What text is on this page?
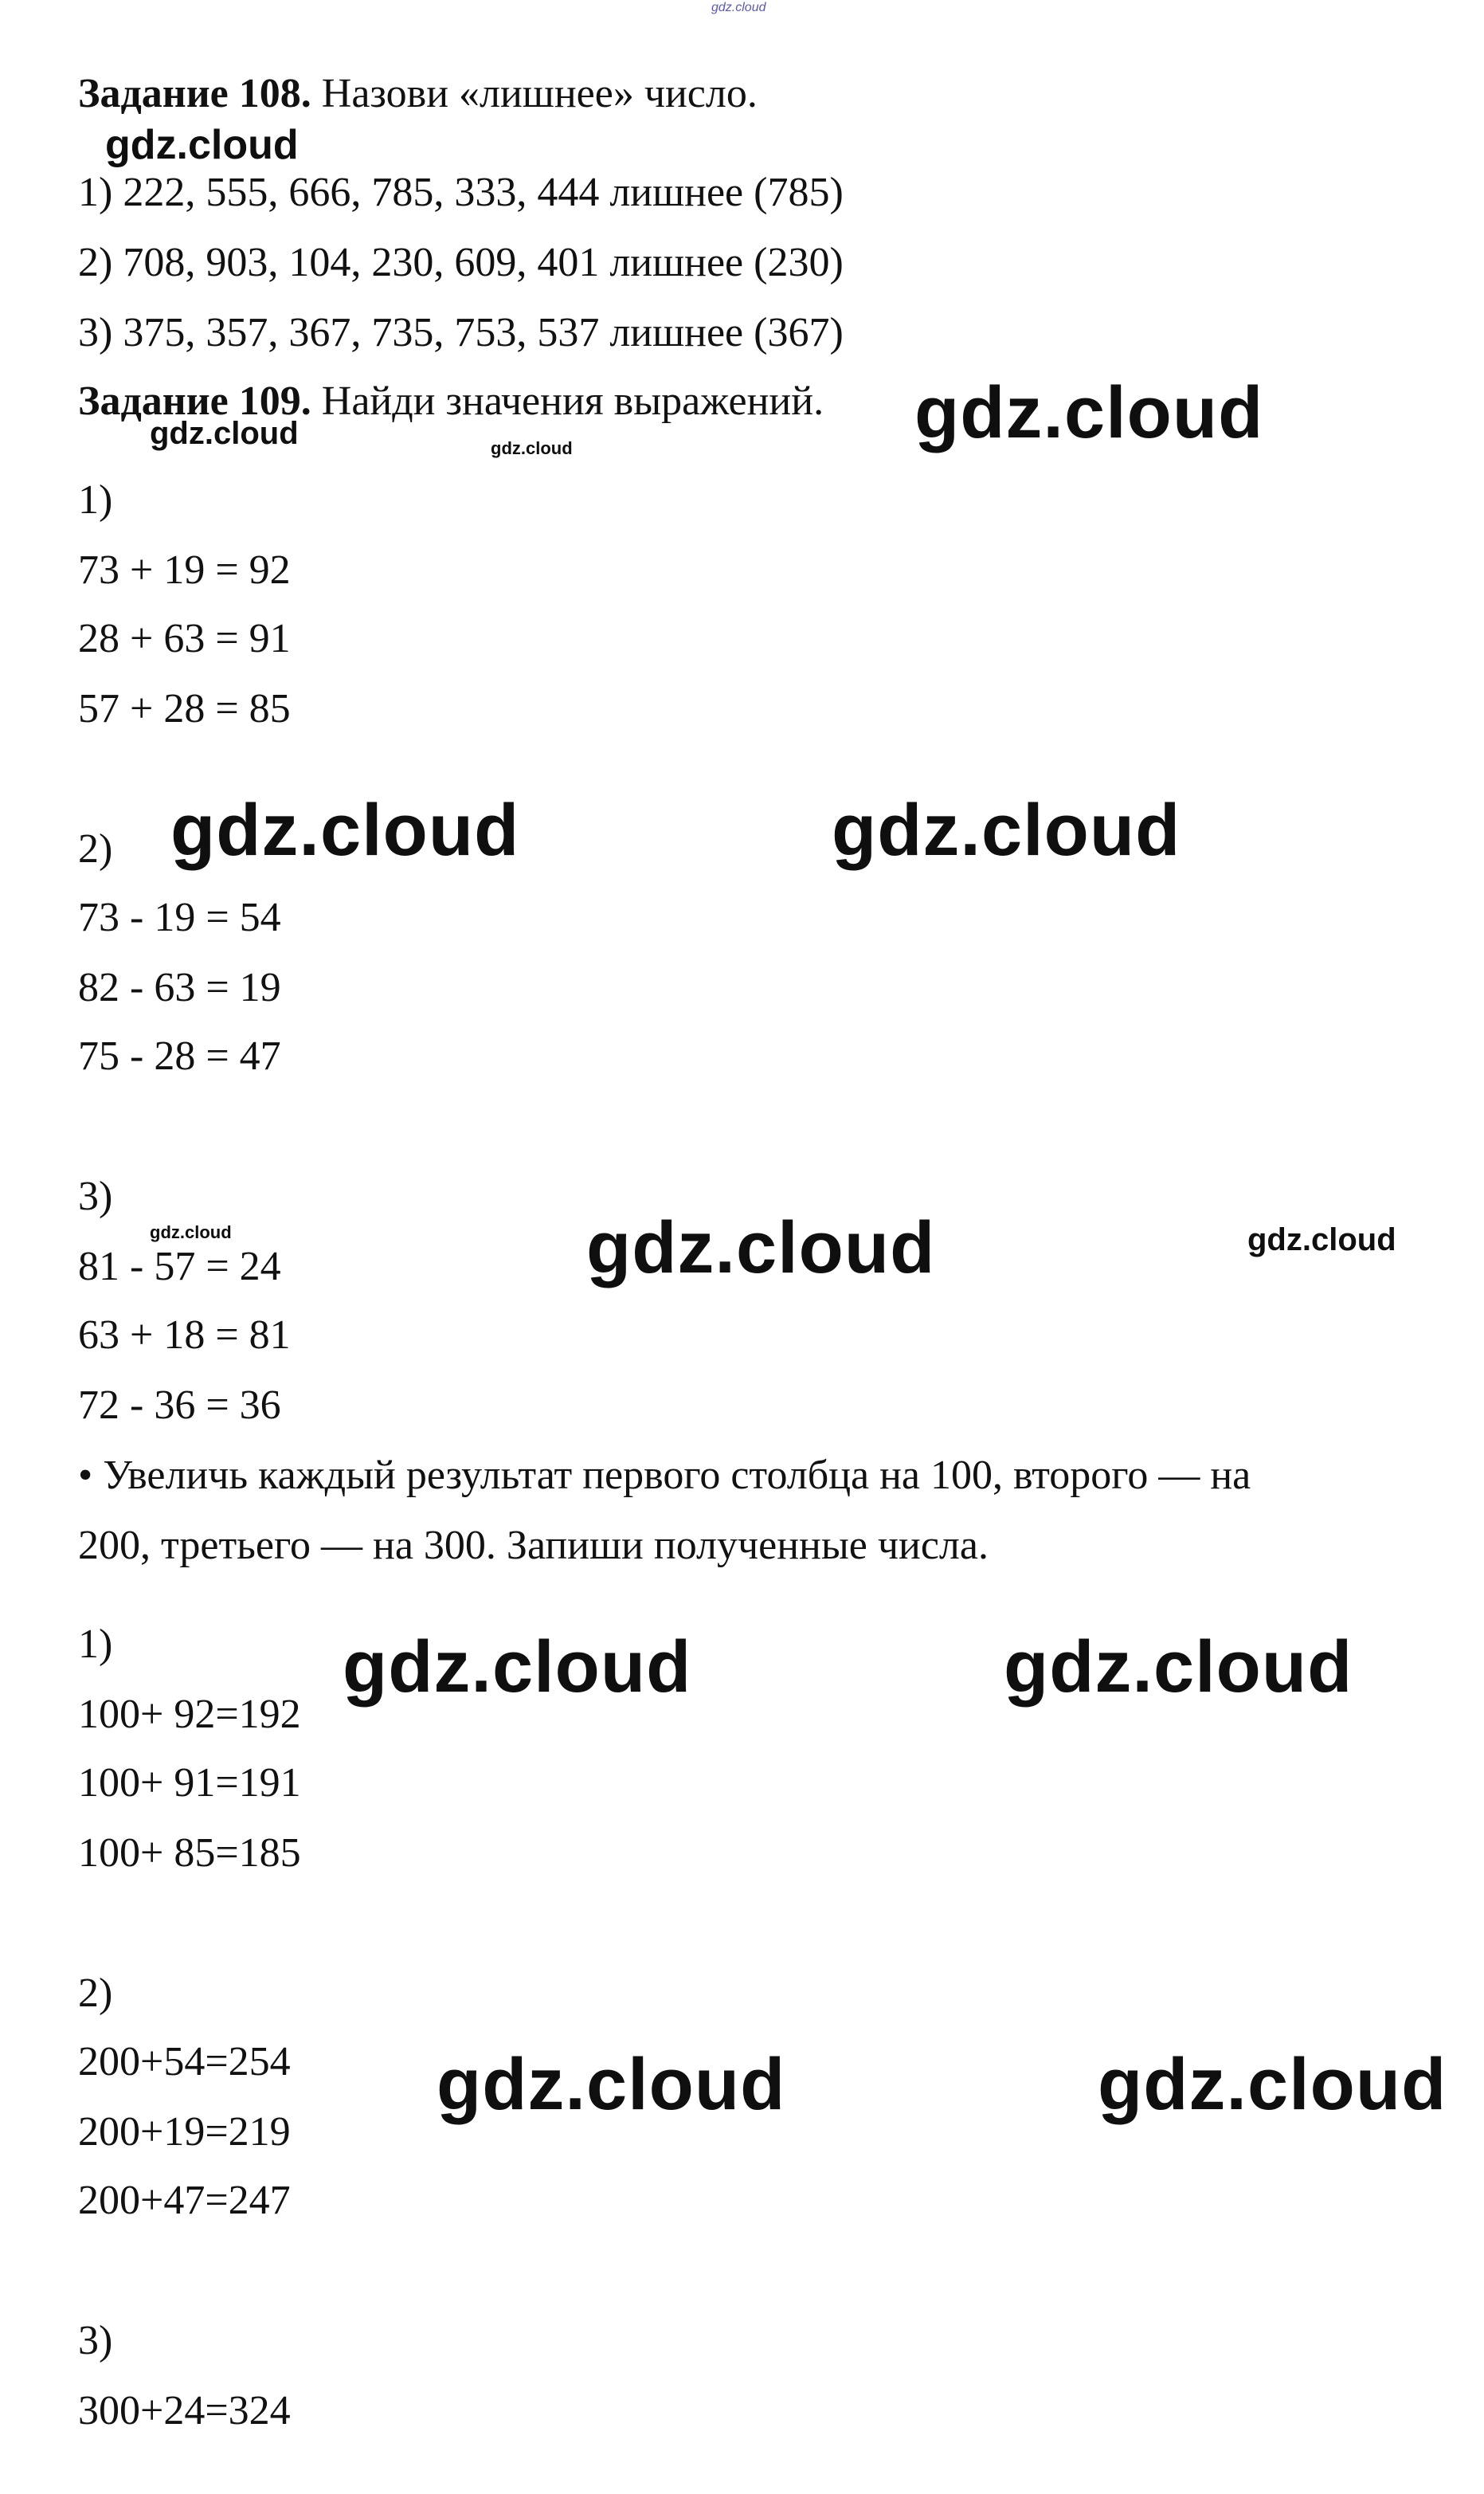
gdz.cloud
gdz.cloud
gdz.cloud
gdz.cloud	gdz.cloud
gdz.cloud	gdz.cloud
gdz.cloud	gdz.cloud	gdz.cloud
gdz.cloud	gdz.cloud
gdz.cloud	gdz.cloud

Задание 108. Назови «лишнее» число.

1) 222, 555, 666, 785, 333, 444 лишнее (785)

2) 708, 903, 104, 230, 609, 401 лишнее (230)

3) 375, 357, 367, 735, 753, 537 лишнее (367)

Задание 109. Найди значения выражений.

1)

73 + 19 = 92

28 + 63 = 91

57 + 28 = 85

2)

73 - 19 = 54

82 - 63 = 19

75 - 28 = 47

3)

81 - 57 = 24

63 + 18 = 81

72 - 36 = 36

• Увеличь каждый результат первого столбца на 100, второго — на

200, третьего — на 300. Запиши полученные числа.

1)

100+ 92=192

100+ 91=191

100+ 85=185

2)

200+54=254

200+19=219

200+47=247

3)

300+24=324
